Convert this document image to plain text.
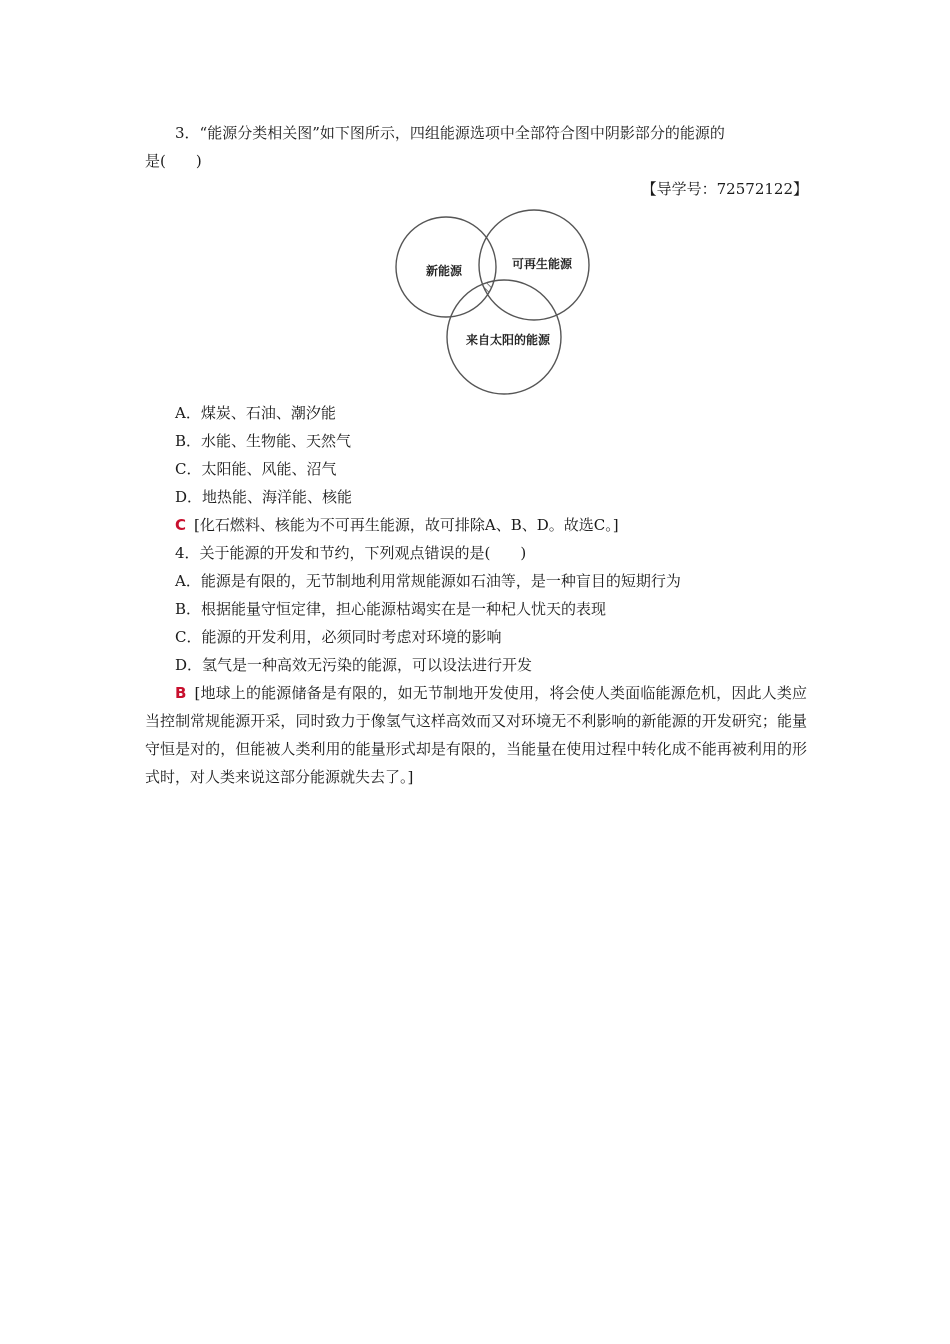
3．“能源分类相关图”如下图所示，四组能源选项中全部符合图中阴影部分的能源的
是(　　)
【导学号：72572122】
新能源	可再生能源
来自太阳的能源
A．煤炭、石油、潮汐能
B．水能、生物能、天然气
C．太阳能、风能、沼气
D．地热能、海洋能、核能
C [化石燃料、核能为不可再生能源，故可排除A、B、D。故选C。]
4．关于能源的开发和节约，下列观点错误的是(　　)
A．能源是有限的，无节制地利用常规能源如石油等，是一种盲目的短期行为
B．根据能量守恒定律，担心能源枯竭实在是一种杞人忧天的表现
C．能源的开发利用，必须同时考虑对环境的影响
D．氢气是一种高效无污染的能源，可以设法进行开发
B [地球上的能源储备是有限的，如无节制地开发使用，将会使人类面临能源危机，因此人类应当控制常规能源开采，同时致力于像氢气这样高效而又对环境无不利影响的新能源的开发研究；能量守恒是对的，但能被人类利用的能量形式却是有限的，当能量在使用过程中转化成不能再被利用的形式时，对人类来说这部分能源就失去了。]
